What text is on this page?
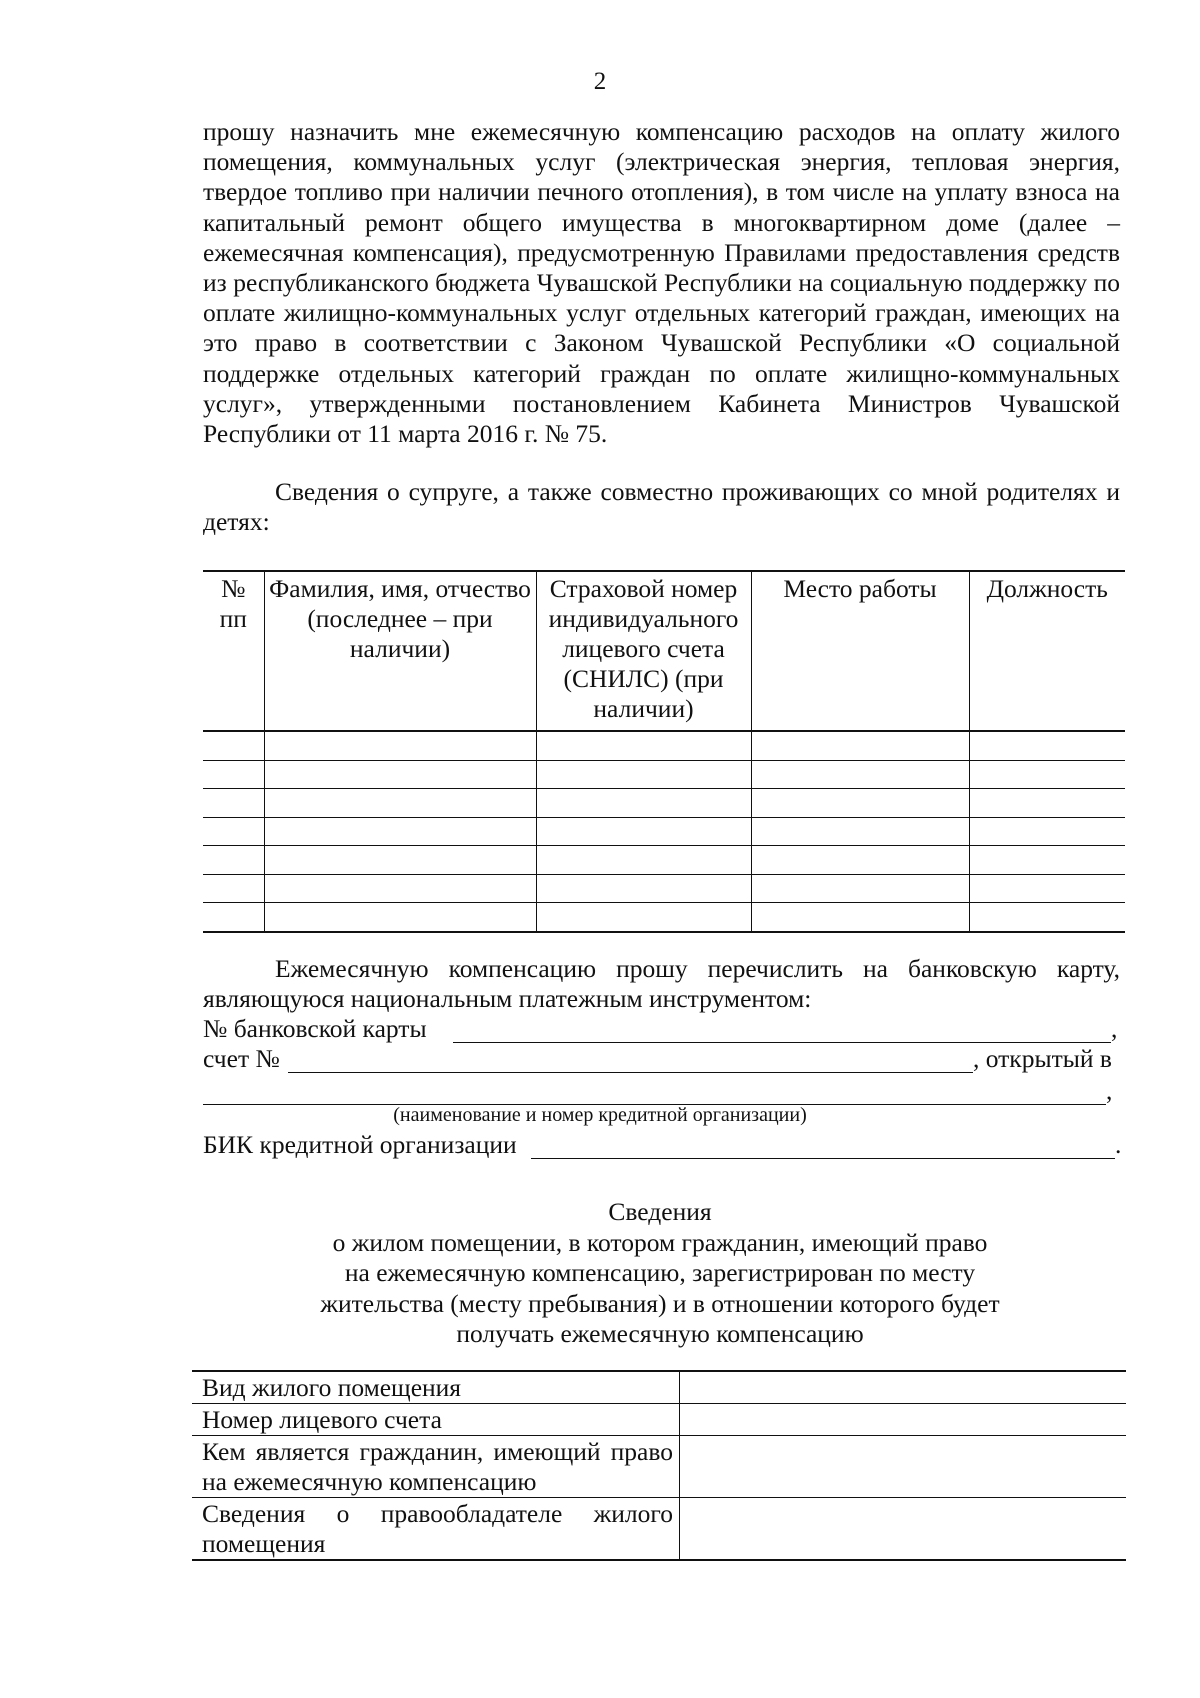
2

прошу назначить мне ежемесячную компенсацию расходов на оплату жилого помещения, коммунальных услуг (электрическая энергия, тепловая энергия, твердое топливо при наличии печного отопления), в том числе на уплату взноса на капитальный ремонт общего имущества в многоквартирном доме (далее – ежемесячная компенсация), предусмотренную Правилами предоставления средств из республиканского бюджета Чувашской Республики на социальную поддержку по оплате жилищно-коммунальных услуг отдельных категорий граждан, имеющих на это право в соответствии с Законом Чувашской Республики «О социальной поддержке отдельных категорий граждан по оплате жилищно-коммунальных услуг», утвержденными постановлением Кабинета Министров Чувашской Республики от 11 марта 2016 г. № 75.

Сведения о супруге, а также совместно проживающих со мной родителях и детях:

№ пп	Фамилия, имя, отчество (последнее – при наличии)	Страховой номер индивидуального лицевого счета (СНИЛС) (при наличии)	Место работы	Должность

Ежемесячную компенсацию прошу перечислить на банковскую карту, являющуюся национальным платежным инструментом:

№ банковской карты	,
счет №	, открытый в
,
(наименование и номер кредитной организации)
БИК кредитной организации	.
Сведения
о жилом помещении, в котором гражданин, имеющий право
на ежемесячную компенсацию, зарегистрирован по месту
жительства (месту пребывания) и в отношении которого будет
получать ежемесячную компенсацию
Вид жилого помещения	
Номер лицевого счета	
Кем является гражданин, имеющий право на ежемесячную компенсацию	
Сведения о правообладателе жилого помещения	
